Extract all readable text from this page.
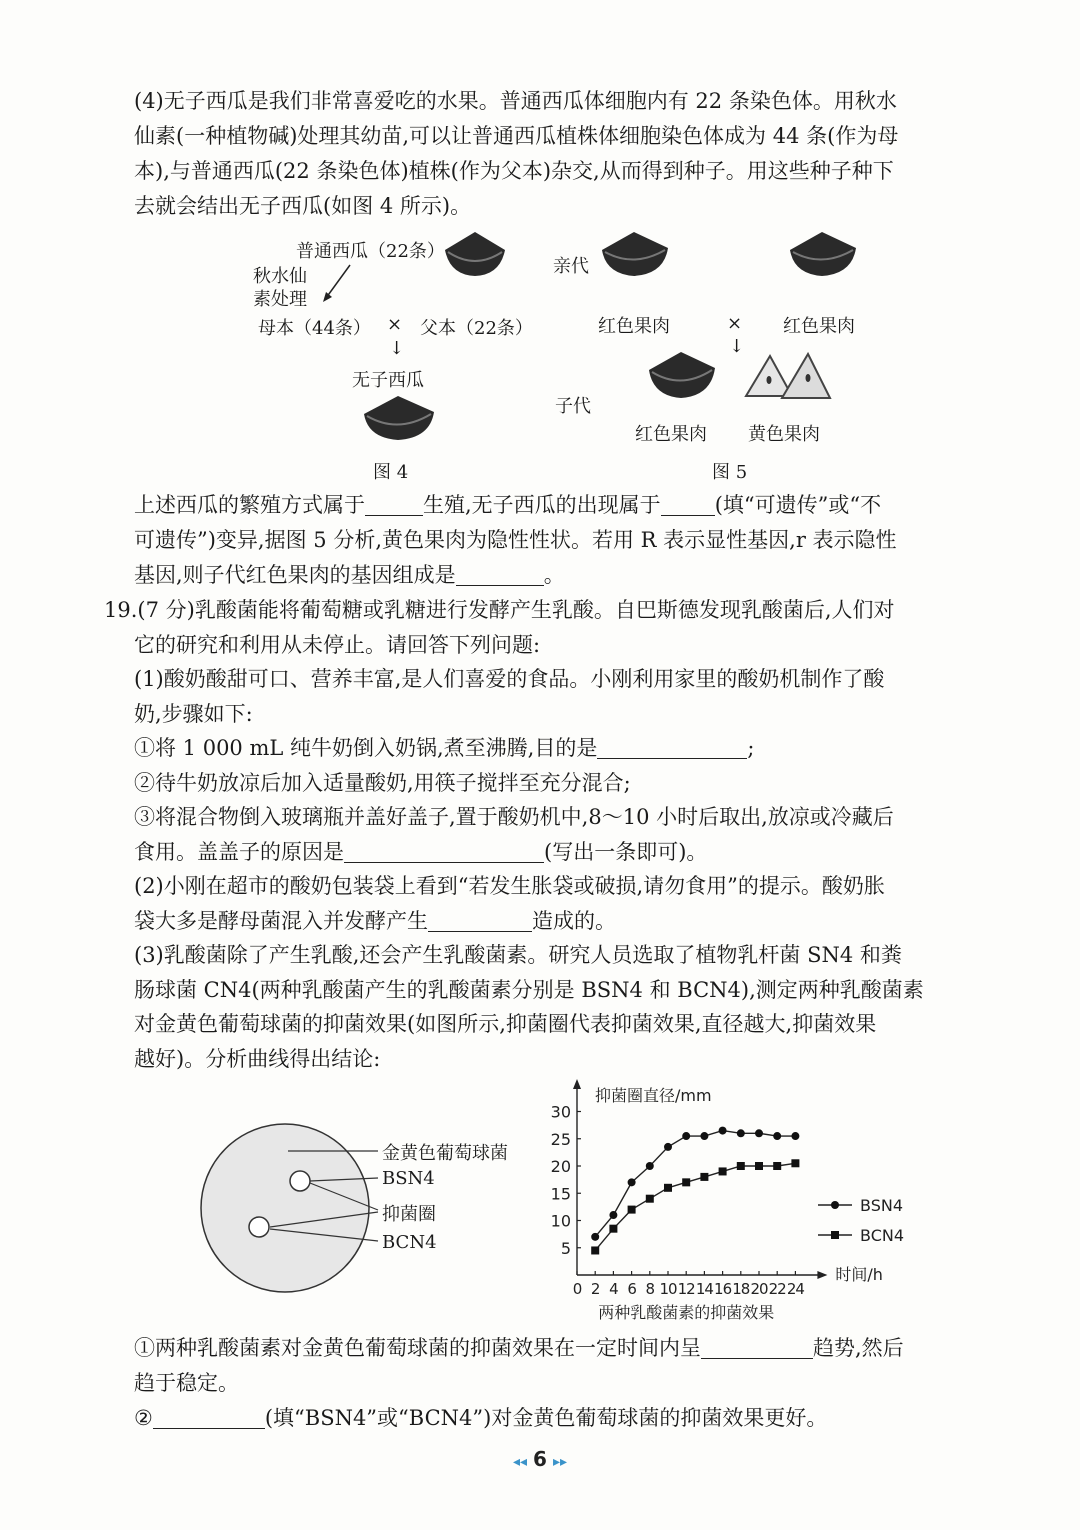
(4)无子西瓜是我们非常喜爱吃的水果。普通西瓜体细胞内有 22 条染色体。用秋水
仙素(一种植物碱)处理其幼苗,可以让普通西瓜植株体细胞染色体成为 44 条(作为母
本),与普通西瓜(22 条染色体)植株(作为父本)杂交,从而得到种子。用这些种子种下
去就会结出无子西瓜(如图 4 所示)。
普通西瓜（22条）
秋水仙
素处理
母本（44条） × 父本（22条）
↓
无子西瓜
图 4
亲代
红色果肉	× 红色果肉
↓
子代
红色果肉 黄色果肉
图 5
上述西瓜的繁殖方式属于	生殖,无子西瓜的出现属于	(填“可遗传”或“不
可遗传”)变异,据图 5 分析,黄色果肉为隐性性状。若用 R 表示显性基因,r 表示隐性
基因,则子代红色果肉的基因组成是	。
19.(7 分)乳酸菌能将葡萄糖或乳糖进行发酵产生乳酸。自巴斯德发现乳酸菌后,人们对
它的研究和利用从未停止。请回答下列问题:
(1)酸奶酸甜可口、营养丰富,是人们喜爱的食品。小刚利用家里的酸奶机制作了酸
奶,步骤如下:
①将 1 000 mL 纯牛奶倒入奶锅,煮至沸腾,目的是	;
②待牛奶放凉后加入适量酸奶,用筷子搅拌至充分混合;
③将混合物倒入玻璃瓶并盖好盖子,置于酸奶机中,8～10 小时后取出,放凉或冷藏后
食用。盖盖子的原因是	(写出一条即可)。
(2)小刚在超市的酸奶包装袋上看到“若发生胀袋或破损,请勿食用”的提示。酸奶胀
袋大多是酵母菌混入并发酵产生	造成的。
(3)乳酸菌除了产生乳酸,还会产生乳酸菌素。研究人员选取了植物乳杆菌 SN4 和粪
肠球菌 CN4(两种乳酸菌产生的乳酸菌素分别是 BSN4 和 BCN4),测定两种乳酸菌素
对金黄色葡萄球菌的抑菌效果(如图所示,抑菌圈代表抑菌效果,直径越大,抑菌效果
越好)。分析曲线得出结论:
金黄色葡萄球菌
BSN4
抑菌圈
BCN4
抑菌圈直径/mm
时间/h
5
10
15
20
25
30
0 2 4 6 8 10 12 14 16 18 20 22 24
两种乳酸菌素的抑菌效果
BSN4
BCN4
①两种乳酸菌素对金黄色葡萄球菌的抑菌效果在一定时间内呈	趋势,然后
趋于稳定。
②	(填“BSN4”或“BCN4”)对金黄色葡萄球菌的抑菌效果更好。
◂◂ 6 ▸▸
